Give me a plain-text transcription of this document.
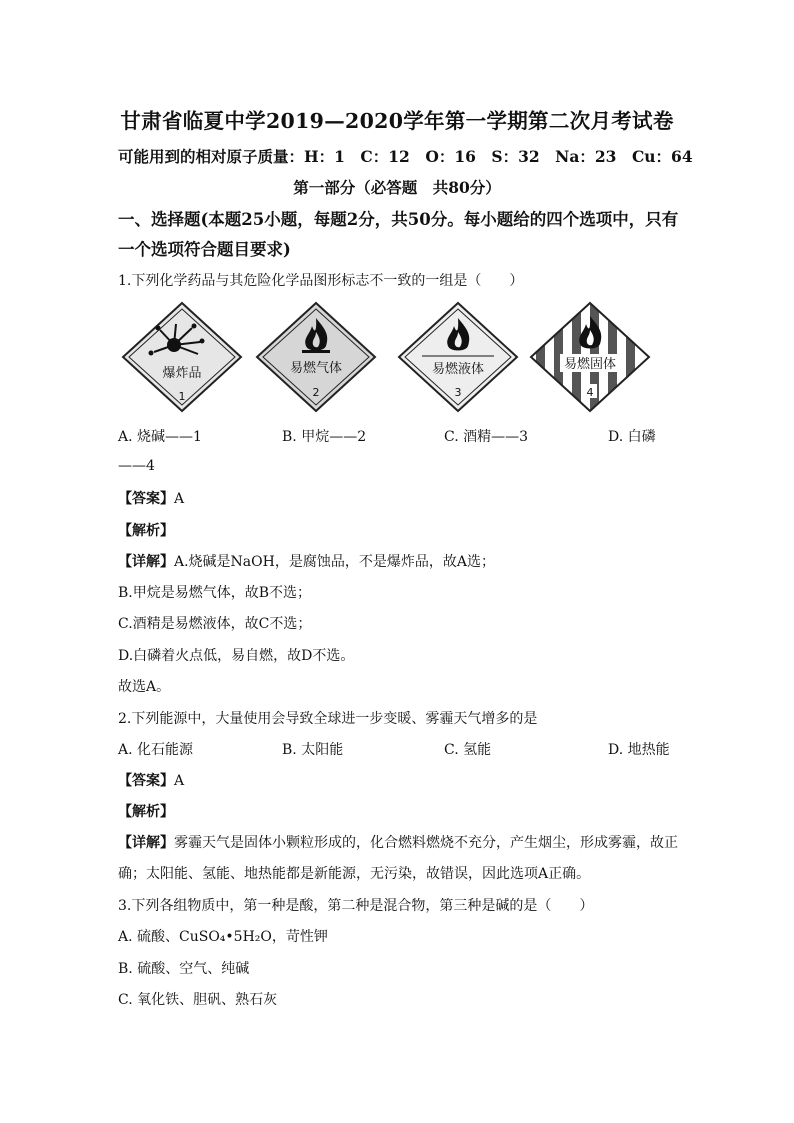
甘肃省临夏中学2019—2020学年第一学期第二次月考试卷
可能用到的相对原子质量：H：1　C：12　O：16　S：32　Na：23　Cu：64
第一部分（必答题　共80分）
一、选择题(本题25小题，每题2分，共50分。每小题给的四个选项中，只有
一个选项符合题目要求)
1.下列化学药品与其危险化学品图形标志不一致的一组是（　　）
爆炸品
1
易燃气体
2
易燃液体
3
易燃固体
4
A. 烧碱——1	B. 甲烷——2	C. 酒精——3	D. 白磷
——4
【答案】A
【解析】
【详解】A.烧碱是NaOH，是腐蚀品，不是爆炸品，故A选；
B.甲烷是易燃气体，故B不选；
C.酒精是易燃液体，故C不选；
D.白磷着火点低，易自燃，故D不选。
故选A。
2.下列能源中，大量使用会导致全球进一步变暖、雾霾天气增多的是
A. 化石能源	B. 太阳能	C. 氢能	D. 地热能
【答案】A
【解析】
【详解】雾霾天气是固体小颗粒形成的，化合燃料燃烧不充分，产生烟尘，形成雾霾，故正
确；太阳能、氢能、地热能都是新能源，无污染，故错误，因此选项A正确。
3.下列各组物质中，第一种是酸，第二种是混合物，第三种是碱的是（　　）
A. 硫酸、CuSO₄•5H₂O，苛性钾
B. 硫酸、空气、纯碱
C. 氧化铁、胆矾、熟石灰
